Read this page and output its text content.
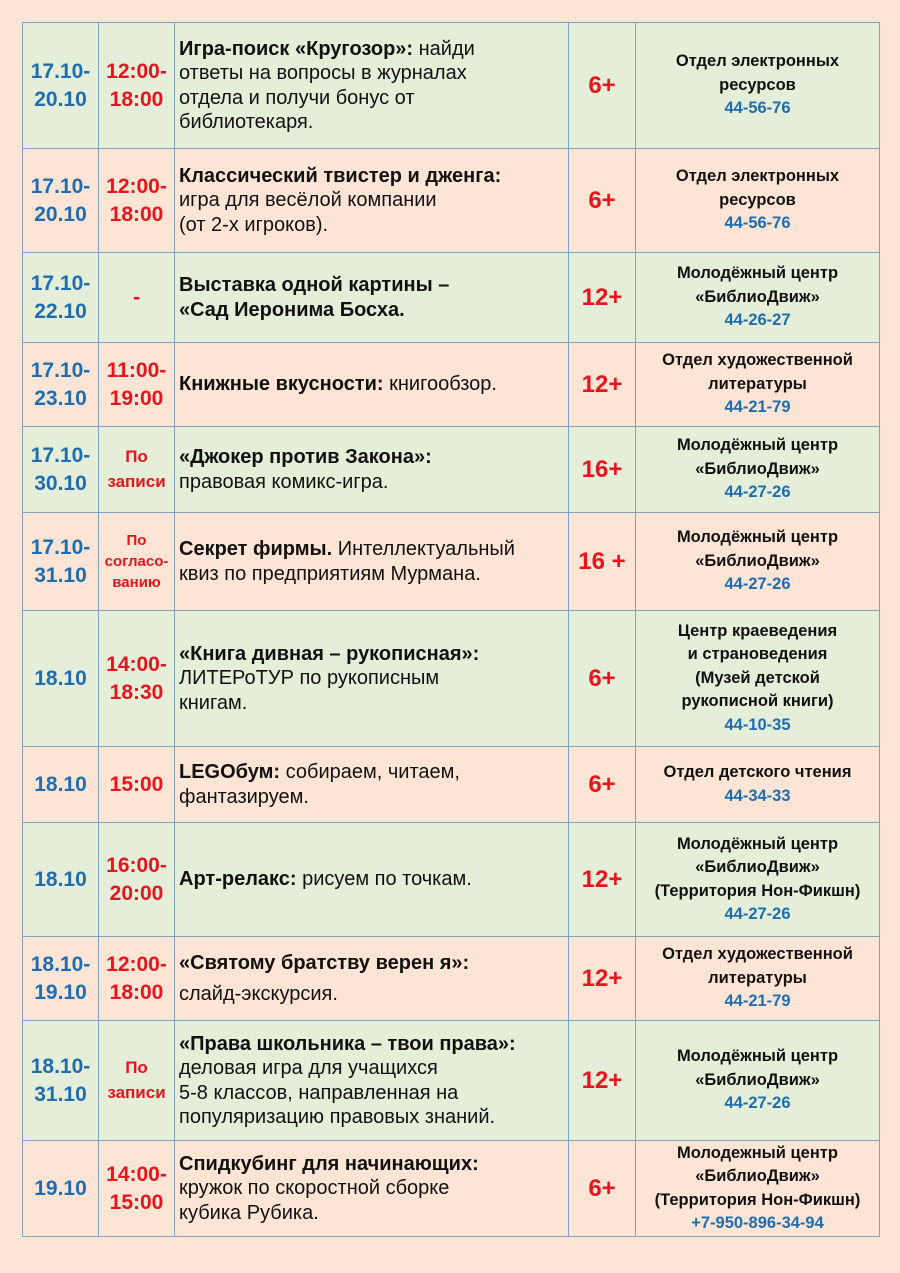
17.10-
20.10	12:00-
18:00	Игра-поиск «Кругозор»: найди
ответы на вопросы в журналах
отдела и получи бонус от
библиотекаря.	6+	Отдел электронных
ресурсов
44-56-76

17.10-
20.10	12:00-
18:00	Классический твистер и дженга:
игра для весёлой компании
(от 2-х игроков).	6+	Отдел электронных
ресурсов
44-56-76

17.10-
22.10	-	Выставка одной картины –
«Сад Иеронима Босха.	12+	Молодёжный центр
«БиблиоДвиж»
44-26-27

17.10-
23.10	11:00-
19:00	Книжные вкусности: книгообзор.	12+	Отдел художественной
литературы
44-21-79

17.10-
30.10	По
записи	«Джокер против Закона»:
правовая комикс-игра.	16+	Молодёжный центр
«БиблиоДвиж»
44-27-26

17.10-
31.10	По
согласо-
ванию	Секрет фирмы. Интеллектуальный
квиз по предприятиям Мурмана.	16 +	Молодёжный центр
«БиблиоДвиж»
44-27-26

18.10	14:00-
18:30	«Книга дивная – рукописная»:
ЛИТЕРоТУР по рукописным
книгам.	6+	Центр краеведения
и страноведения
(Музей детской
рукописной книги)
44-10-35

18.10	15:00	LEGOбум: собираем, читаем,
фантазируем.	6+	Отдел детского чтения
44-34-33

18.10	16:00-
20:00	Арт-релакс: рисуем по точкам.	12+	Молодёжный центр
«БиблиоДвиж»
(Территория Нон-Фикшн)
44-27-26

18.10-
19.10	12:00-
18:00	«Святому братству верен я»:
слайд-экскурсия.	12+	Отдел художественной
литературы
44-21-79

18.10-
31.10	По
записи	«Права школьника – твои права»:
деловая игра для учащихся
5-8 классов, направленная на
популяризацию правовых знаний.	12+	Молодёжный центр
«БиблиоДвиж»
44-27-26

19.10	14:00-
15:00	Спидкубинг для начинающих:
кружок по скоростной сборке
кубика Рубика.	6+	Молодежный центр
«БиблиоДвиж»
(Территория Нон-Фикшн)
+7-950-896-34-94
